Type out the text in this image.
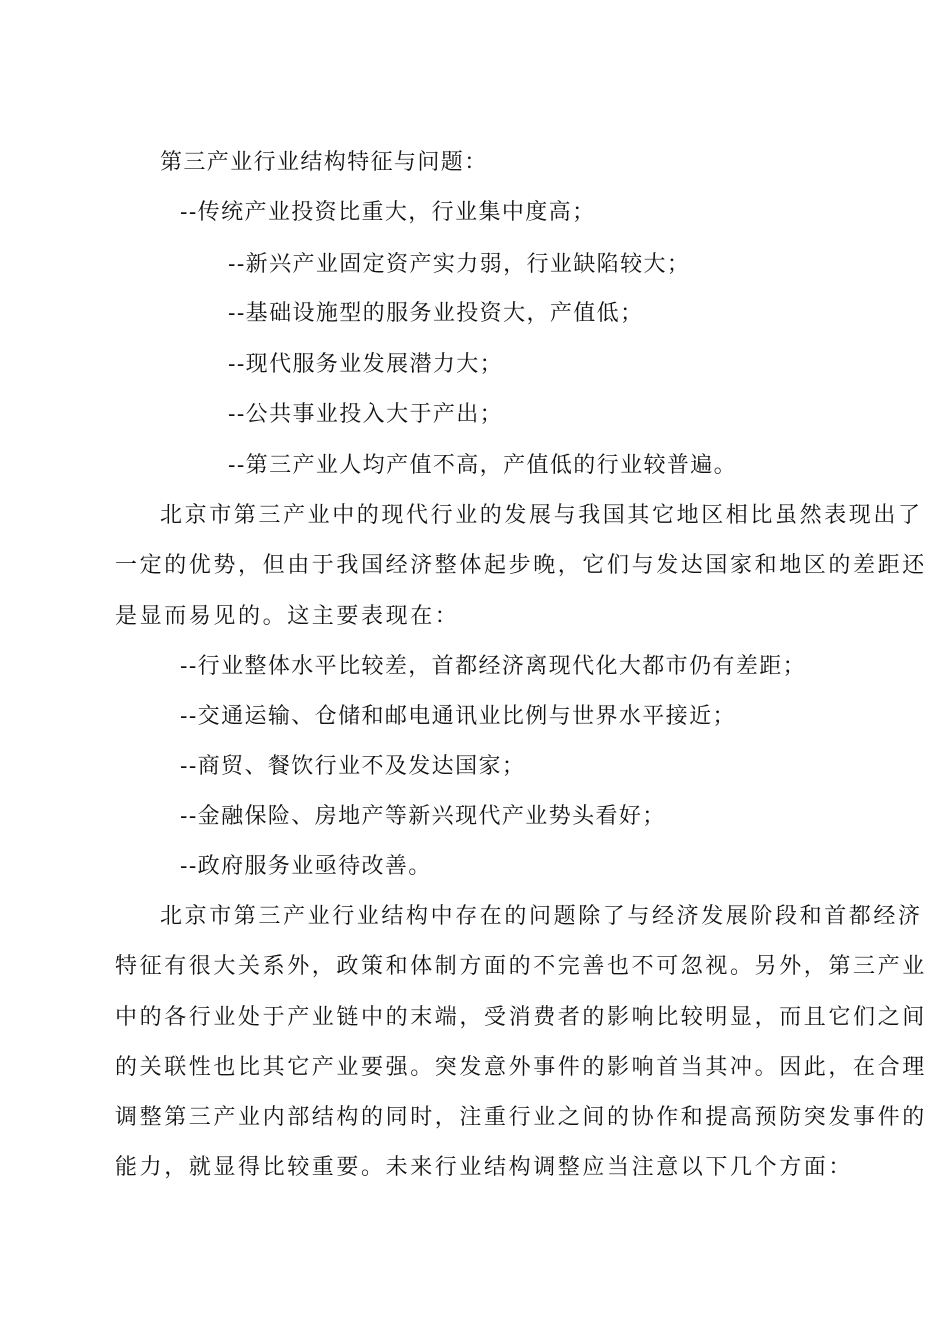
第三产业行业结构特征与问题：
--传统产业投资比重大，行业集中度高；
--新兴产业固定资产实力弱，行业缺陷较大；
--基础设施型的服务业投资大，产值低；
--现代服务业发展潜力大；
--公共事业投入大于产出；
--第三产业人均产值不高，产值低的行业较普遍。
北京市第三产业中的现代行业的发展与我国其它地区相比虽然表现出了
一定的优势，但由于我国经济整体起步晚，它们与发达国家和地区的差距还
是显而易见的。这主要表现在：
--行业整体水平比较差，首都经济离现代化大都市仍有差距；
--交通运输、仓储和邮电通讯业比例与世界水平接近；
--商贸、餐饮行业不及发达国家；
--金融保险、房地产等新兴现代产业势头看好；
--政府服务业亟待改善。
北京市第三产业行业结构中存在的问题除了与经济发展阶段和首都经济
特征有很大关系外，政策和体制方面的不完善也不可忽视。另外，第三产业
中的各行业处于产业链中的末端，受消费者的影响比较明显，而且它们之间
的关联性也比其它产业要强。突发意外事件的影响首当其冲。因此，在合理
调整第三产业内部结构的同时，注重行业之间的协作和提高预防突发事件的
能力，就显得比较重要。未来行业结构调整应当注意以下几个方面：
